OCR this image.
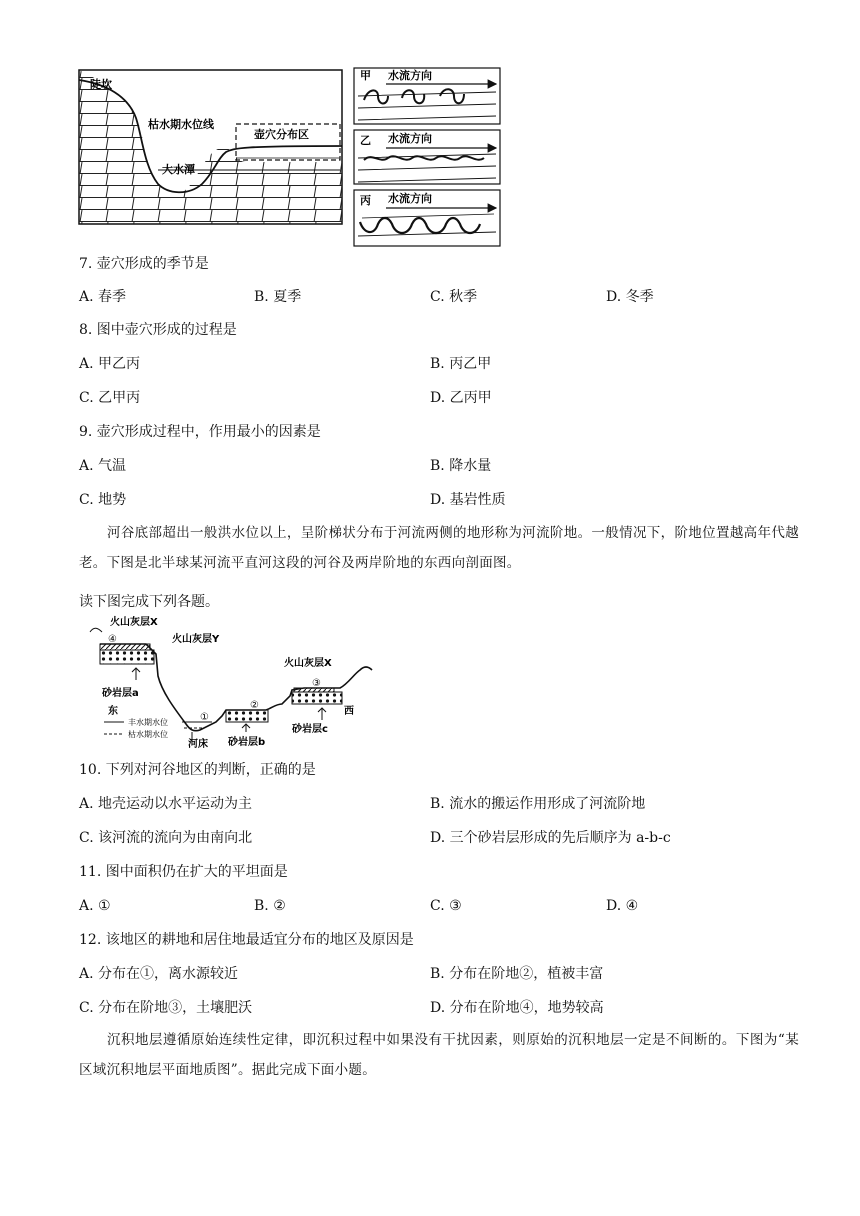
陡坎
枯水期水位线
壶穴分布区
大水潭
甲 水流方向
乙 水流方向
丙 水流方向
7. 壶穴形成的季节是
A. 春季	B. 夏季	C. 秋季	D. 冬季
8. 图中壶穴形成的过程是
A. 甲乙丙	B. 丙乙甲
C. 乙甲丙	D. 乙丙甲
9. 壶穴形成过程中，作用最小的因素是
A. 气温	B. 降水量
C. 地势	D. 基岩性质
河谷底部超出一般洪水位以上，呈阶梯状分布于河流两侧的地形称为河流阶地。一般情况下，阶地位置越高年代越老。下图是北半球某河流平直河这段的河谷及两岸阶地的东西向剖面图。
读下图完成下列各题。
火山灰层X
④	火山灰层Y
砂岩层a
东
丰水期水位
枯水期水位
①
河床
②
砂岩层b
火山灰层X
③
西
砂岩层c
10. 下列对河谷地区的判断，正确的是
A. 地壳运动以水平运动为主	B. 流水的搬运作用形成了河流阶地
C. 该河流的流向为由南向北	D. 三个砂岩层形成的先后顺序为 a-b-c
11. 图中面积仍在扩大的平坦面是
A. ①	B. ②	C. ③	D. ④
12. 该地区的耕地和居住地最适宜分布的地区及原因是
A. 分布在①，离水源较近	B. 分布在阶地②，植被丰富
C. 分布在阶地③，土壤肥沃	D. 分布在阶地④，地势较高
沉积地层遵循原始连续性定律，即沉积过程中如果没有干扰因素，则原始的沉积地层一定是不间断的。下图为“某区域沉积地层平面地质图”。据此完成下面小题。
